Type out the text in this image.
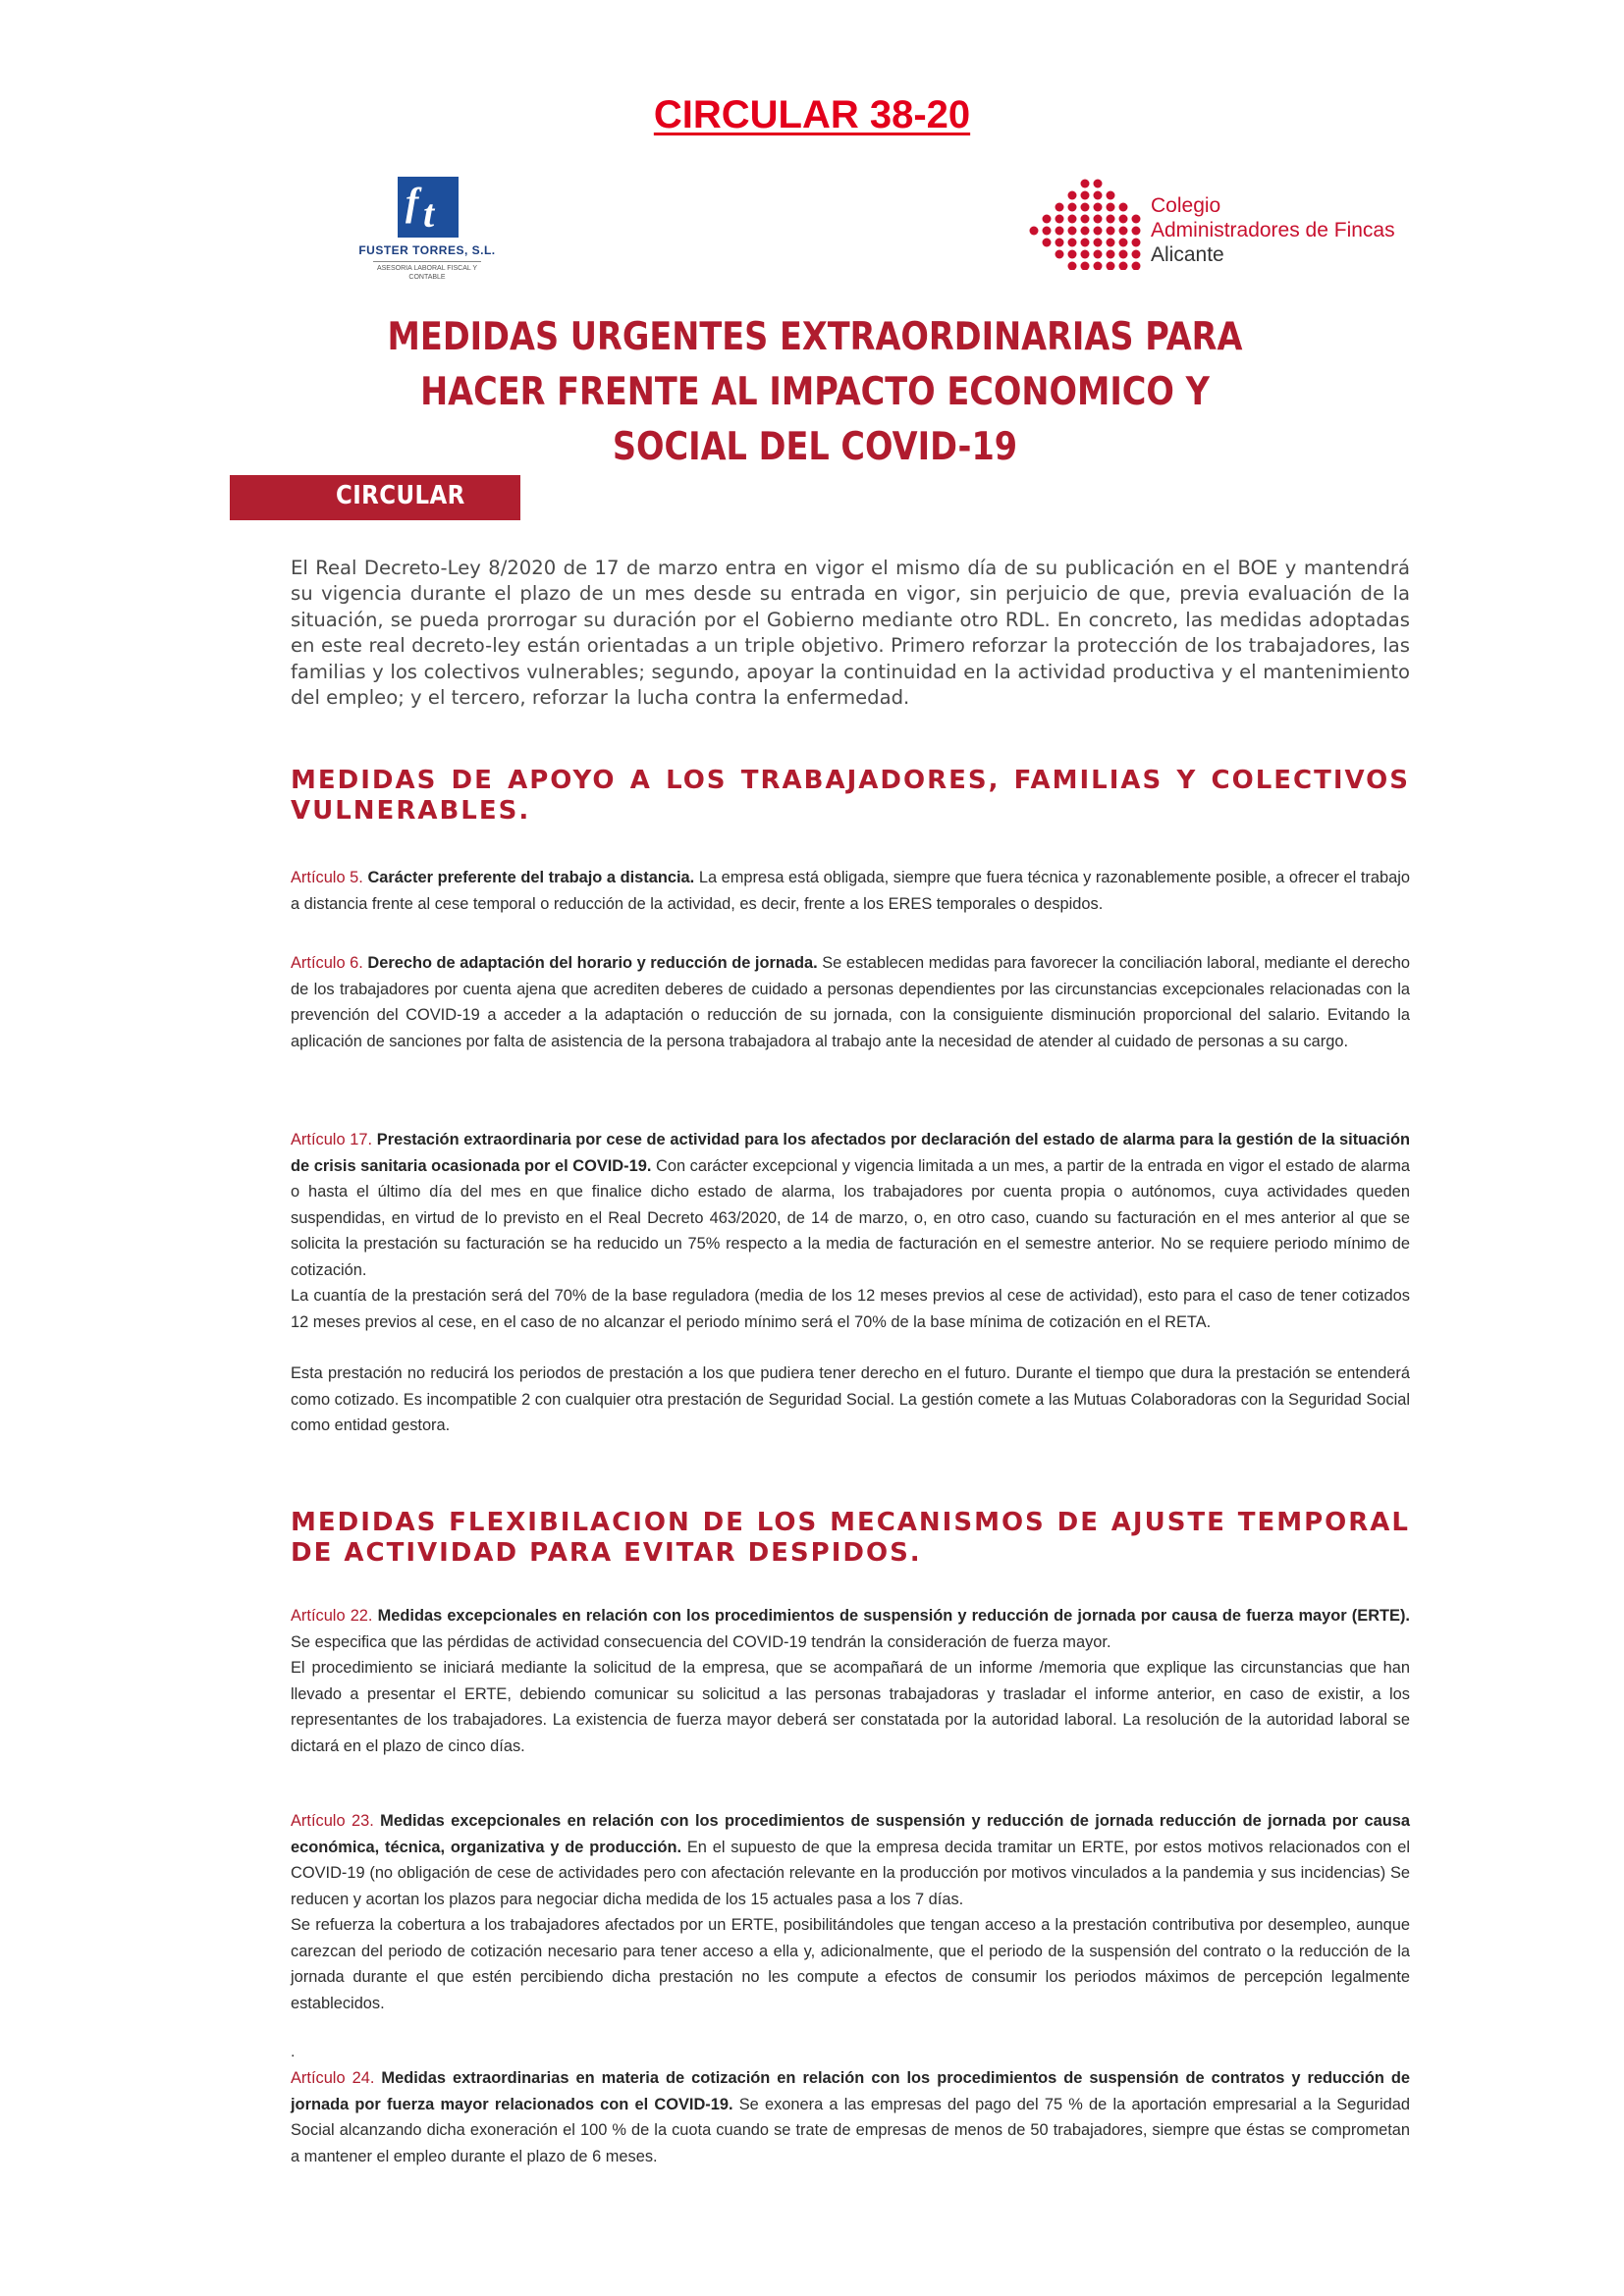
CIRCULAR 38-20
f t
FUSTER TORRES, S.L.
ASESORIA LABORAL FISCAL Y CONTABLE
Colegio
Administradores de Fincas
Alicante
MEDIDAS URGENTES EXTRAORDINARIAS PARA
HACER FRENTE AL IMPACTO ECONOMICO Y
SOCIAL DEL COVID-19
CIRCULAR
El Real Decreto-Ley 8/2020 de 17 de marzo entra en vigor el mismo día de su publicación en el BOE y mantendrá su vigencia durante el plazo de un mes desde su entrada en vigor, sin perjuicio de que, previa evaluación de la situación, se pueda prorrogar su duración por el Gobierno mediante otro RDL. En concreto, las medidas adoptadas en este real decreto-ley están orientadas a un triple objetivo. Primero reforzar la protección de los trabajadores, las familias y los colectivos vulnerables; segundo, apoyar la continuidad en la actividad productiva y el mantenimiento del empleo; y el tercero, reforzar la lucha contra la enfermedad.
MEDIDAS DE APOYO A LOS TRABAJADORES, FAMILIAS Y COLECTIVOS VULNERABLES.

Artículo 5. Carácter preferente del trabajo a distancia. La empresa está obligada, siempre que fuera técnica y razonablemente posible, a ofrecer el trabajo a distancia frente al cese temporal o reducción de la actividad, es decir, frente a los ERES temporales o despidos.

Artículo 6. Derecho de adaptación del horario y reducción de jornada. Se establecen medidas para favorecer la conciliación laboral, mediante el derecho de los trabajadores por cuenta ajena que acrediten deberes de cuidado a personas dependientes por las circunstancias excepcionales relacionadas con la prevención del COVID-19 a acceder a la adaptación o reducción de su jornada, con la consiguiente disminución proporcional del salario. Evitando la aplicación de sanciones por falta de asistencia de la persona trabajadora al trabajo ante la necesidad de atender al cuidado de personas a su cargo.

Artículo 17. Prestación extraordinaria por cese de actividad para los afectados por declaración del estado de alarma para la gestión de la situación de crisis sanitaria ocasionada por el COVID-19. Con carácter excepcional y vigencia limitada a un mes, a partir de la entrada en vigor el estado de alarma o hasta el último día del mes en que finalice dicho estado de alarma, los trabajadores por cuenta propia o autónomos, cuya actividades queden suspendidas, en virtud de lo previsto en el Real Decreto 463/2020, de 14 de marzo, o, en otro caso, cuando su facturación en el mes anterior al que se solicita la prestación su facturación se ha reducido un 75% respecto a la media de facturación en el semestre anterior. No se requiere periodo mínimo de cotización.

La cuantía de la prestación será del 70% de la base reguladora (media de los 12 meses previos al cese de actividad), esto para el caso de tener cotizados 12 meses previos al cese, en el caso de no alcanzar el periodo mínimo será el 70% de la base mínima de cotización en el RETA.

Esta prestación no reducirá los periodos de prestación a los que pudiera tener derecho en el futuro. Durante el tiempo que dura la prestación se entenderá como cotizado. Es incompatible 2 con cualquier otra prestación de Seguridad Social. La gestión comete a las Mutuas Colaboradoras con la Seguridad Social como entidad gestora.

MEDIDAS FLEXIBILACION DE LOS MECANISMOS DE AJUSTE TEMPORAL DE ACTIVIDAD PARA EVITAR DESPIDOS.

Artículo 22. Medidas excepcionales en relación con los procedimientos de suspensión y reducción de jornada por causa de fuerza mayor (ERTE). Se especifica que las pérdidas de actividad consecuencia del COVID-19 tendrán la consideración de fuerza mayor.

El procedimiento se iniciará mediante la solicitud de la empresa, que se acompañará de un informe /memoria que explique las circunstancias que han llevado a presentar el ERTE, debiendo comunicar su solicitud a las personas trabajadoras y trasladar el informe anterior, en caso de existir, a los representantes de los trabajadores. La existencia de fuerza mayor deberá ser constatada por la autoridad laboral. La resolución de la autoridad laboral se dictará en el plazo de cinco días.

Artículo 23. Medidas excepcionales en relación con los procedimientos de suspensión y reducción de jornada reducción de jornada por causa económica, técnica, organizativa y de producción. En el supuesto de que la empresa decida tramitar un ERTE, por estos motivos relacionados con el COVID-19 (no obligación de cese de actividades pero con afectación relevante en la producción por motivos vinculados a la pandemia y sus incidencias) Se reducen y acortan los plazos para negociar dicha medida de los 15 actuales pasa a los 7 días.

Se refuerza la cobertura a los trabajadores afectados por un ERTE, posibilitándoles que tengan acceso a la prestación contributiva por desempleo, aunque carezcan del periodo de cotización necesario para tener acceso a ella y, adicionalmente, que el periodo de la suspensión del contrato o la reducción de la jornada durante el que estén percibiendo dicha prestación no les compute a efectos de consumir los periodos máximos de percepción legalmente establecidos.

.

Artículo 24. Medidas extraordinarias en materia de cotización en relación con los procedimientos de suspensión de contratos y reducción de jornada por fuerza mayor relacionados con el COVID-19. Se exonera a las empresas del pago del 75 % de la aportación empresarial a la Seguridad Social alcanzando dicha exoneración el 100 % de la cuota cuando se trate de empresas de menos de 50 trabajadores, siempre que éstas se comprometan a mantener el empleo durante el plazo de 6 meses.
